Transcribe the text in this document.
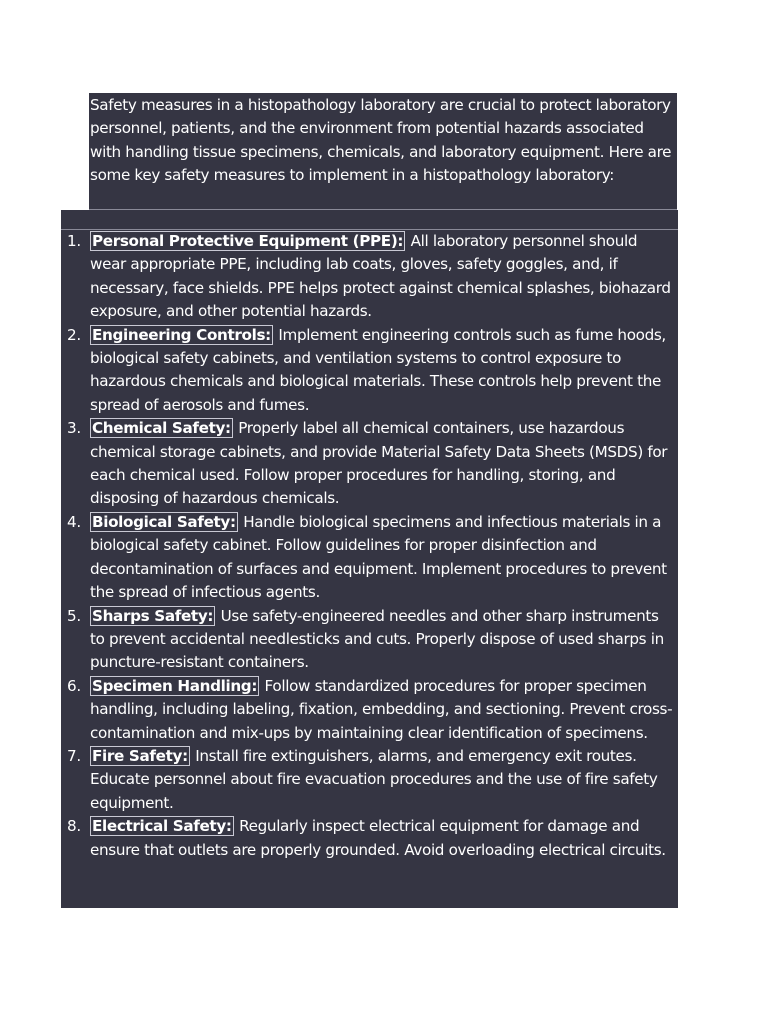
Safety measures in a histopathology laboratory are crucial to protect laboratory personnel, patients, and the environment from potential hazards associated with handling tissue specimens, chemicals, and laboratory equipment. Here are some key safety measures to implement in a histopathology laboratory:

1. Personal Protective Equipment (PPE): All laboratory personnel should wear appropriate PPE, including lab coats, gloves, safety goggles, and, if necessary, face shields. PPE helps protect against chemical splashes, biohazard exposure, and other potential hazards.
2. Engineering Controls: Implement engineering controls such as fume hoods, biological safety cabinets, and ventilation systems to control exposure to hazardous chemicals and biological materials. These controls help prevent the spread of aerosols and fumes.
3. Chemical Safety: Properly label all chemical containers, use hazardous chemical storage cabinets, and provide Material Safety Data Sheets (MSDS) for each chemical used. Follow proper procedures for handling, storing, and disposing of hazardous chemicals.
4. Biological Safety: Handle biological specimens and infectious materials in a biological safety cabinet. Follow guidelines for proper disinfection and decontamination of surfaces and equipment. Implement procedures to prevent the spread of infectious agents.
5. Sharps Safety: Use safety-engineered needles and other sharp instruments to prevent accidental needlesticks and cuts. Properly dispose of used sharps in puncture-resistant containers.
6. Specimen Handling: Follow standardized procedures for proper specimen handling, including labeling, fixation, embedding, and sectioning. Prevent cross-contamination and mix-ups by maintaining clear identification of specimens.
7. Fire Safety: Install fire extinguishers, alarms, and emergency exit routes. Educate personnel about fire evacuation procedures and the use of fire safety equipment.
8. Electrical Safety: Regularly inspect electrical equipment for damage and ensure that outlets are properly grounded. Avoid overloading electrical circuits.
